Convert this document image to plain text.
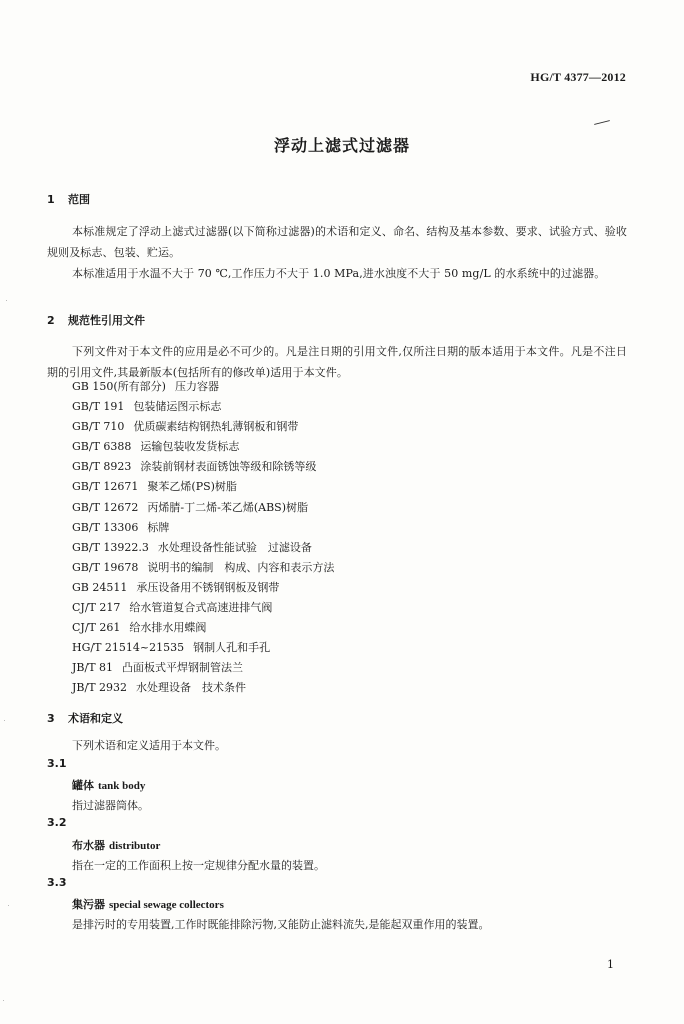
HG/T 4377—2012
浮动上滤式过滤器
1 范围
本标准规定了浮动上滤式过滤器(以下简称过滤器)的术语和定义、命名、结构及基本参数、要求、试验方式、验收规则及标志、包装、贮运。
本标准适用于水温不大于 70 ℃,工作压力不大于 1.0 MPa,进水浊度不大于 50 mg/L 的水系统中的过滤器。
2 规范性引用文件
下列文件对于本文件的应用是必不可少的。凡是注日期的引用文件,仅所注日期的版本适用于本文件。凡是不注日期的引用文件,其最新版本(包括所有的修改单)适用于本文件。
GB 150(所有部分) 压力容器
GB/T 191 包装储运图示标志
GB/T 710 优质碳素结构钢热轧薄钢板和钢带
GB/T 6388 运输包装收发货标志
GB/T 8923 涂装前钢材表面锈蚀等级和除锈等级
GB/T 12671 聚苯乙烯(PS)树脂
GB/T 12672 丙烯腈-丁二烯-苯乙烯(ABS)树脂
GB/T 13306 标牌
GB/T 13922.3 水处理设备性能试验　过滤设备
GB/T 19678 说明书的编制　构成、内容和表示方法
GB 24511 承压设备用不锈钢钢板及钢带
CJ/T 217 给水管道复合式高速进排气阀
CJ/T 261 给水排水用蝶阀
HG/T 21514~21535 钢制人孔和手孔
JB/T 81 凸面板式平焊钢制管法兰
JB/T 2932 水处理设备　技术条件
3 术语和定义
下列术语和定义适用于本文件。
3.1
罐体 tank body
指过滤器筒体。
3.2
布水器 distributor
指在一定的工作面积上按一定规律分配水量的装置。
3.3
集污器 special sewage collectors
是排污时的专用装置,工作时既能排除污物,又能防止滤料流失,是能起双重作用的装置。
1
